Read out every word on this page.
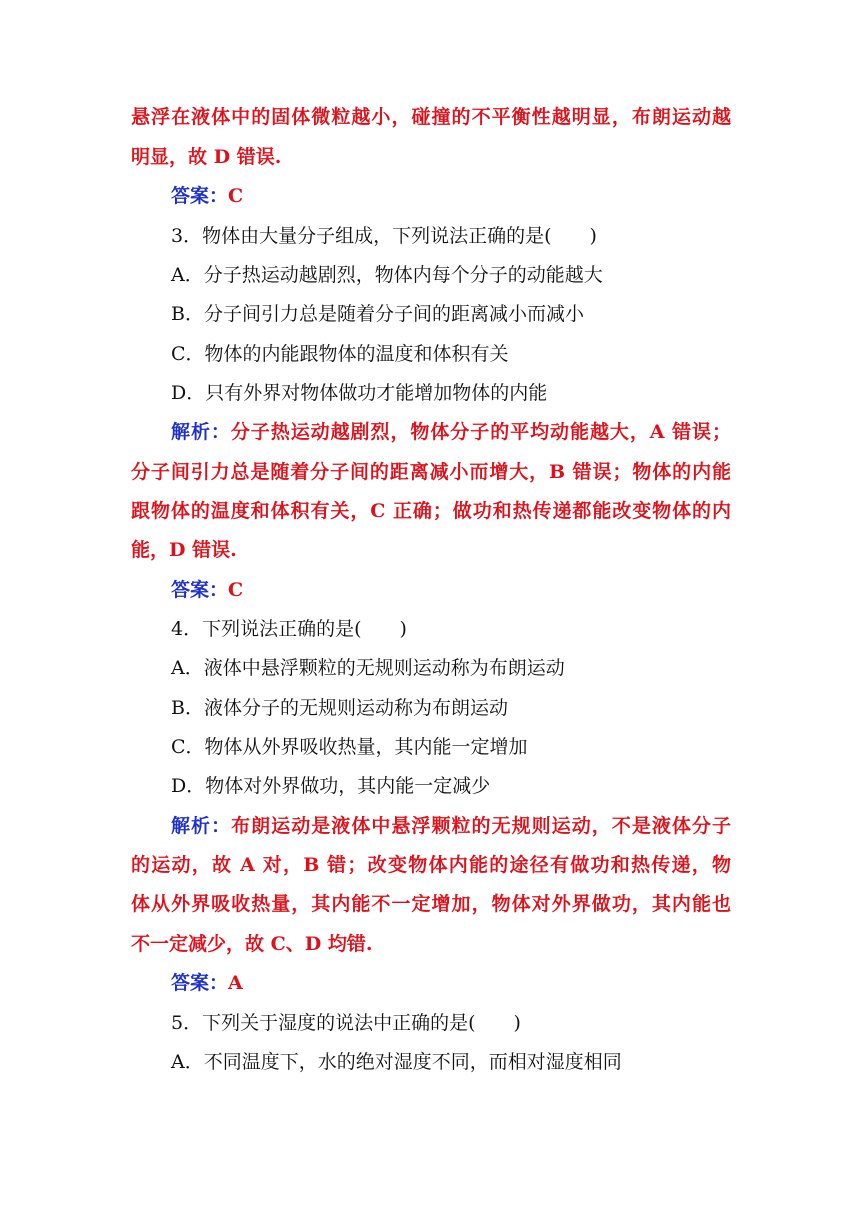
悬浮在液体中的固体微粒越小，碰撞的不平衡性越明显，布朗运动越
明显，故 D 错误.
答案：C
3．物体由大量分子组成，下列说法正确的是(　　)
A．分子热运动越剧烈，物体内每个分子的动能越大
B．分子间引力总是随着分子间的距离减小而减小
C．物体的内能跟物体的温度和体积有关
D．只有外界对物体做功才能增加物体的内能
解析：分子热运动越剧烈，物体分子的平均动能越大，A 错误；
分子间引力总是随着分子间的距离减小而增大，B 错误；物体的内能
跟物体的温度和体积有关，C 正确；做功和热传递都能改变物体的内
能，D 错误.
答案：C
4．下列说法正确的是(　　)
A．液体中悬浮颗粒的无规则运动称为布朗运动
B．液体分子的无规则运动称为布朗运动
C．物体从外界吸收热量，其内能一定增加
D．物体对外界做功，其内能一定减少
解析：布朗运动是液体中悬浮颗粒的无规则运动，不是液体分子
的运动，故 A 对，B 错；改变物体内能的途径有做功和热传递，物
体从外界吸收热量，其内能不一定增加，物体对外界做功，其内能也
不一定减少，故 C、D 均错.
答案：A
5．下列关于湿度的说法中正确的是(　　)
A．不同温度下，水的绝对湿度不同，而相对湿度相同
